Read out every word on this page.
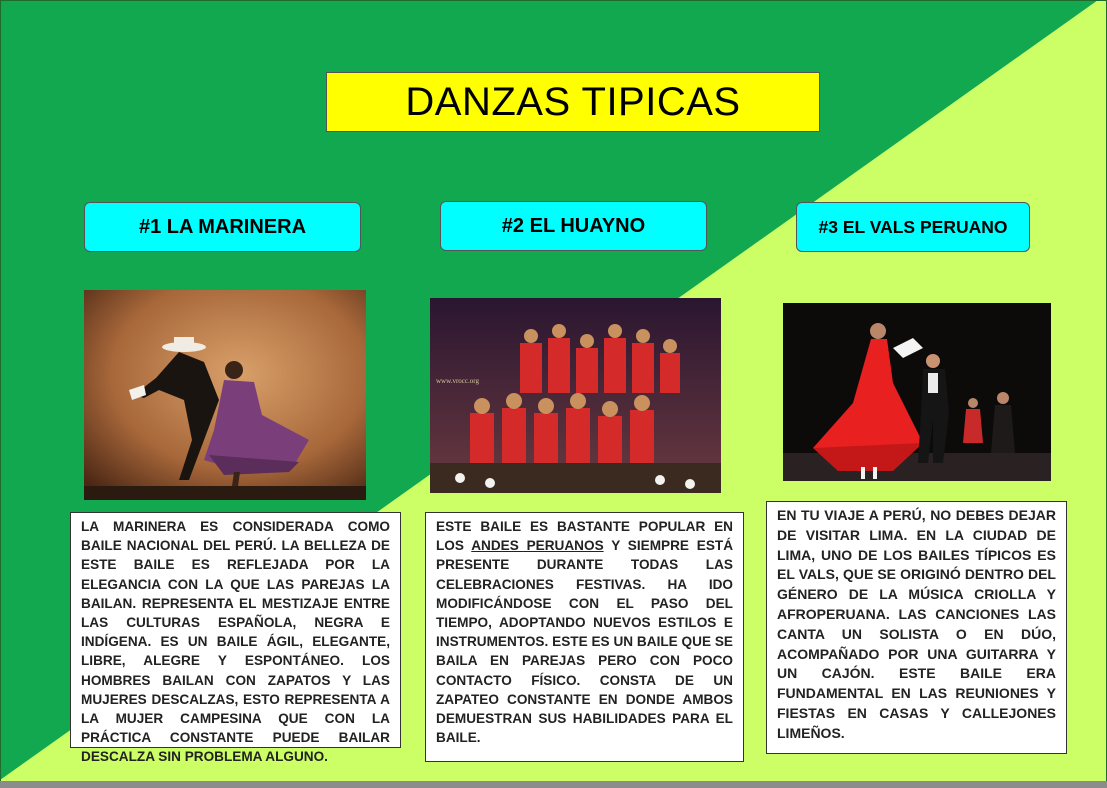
DANZAS TIPICAS
#1 LA MARINERA	#2 EL HUAYNO	#3 EL VALS PERUANO
www.vrocc.org
LA MARINERA ES CONSIDERADA COMO BAILE NACIONAL DEL PERÚ. LA BELLEZA DE ESTE BAILE ES REFLEJADA POR LA ELEGANCIA CON LA QUE LAS PAREJAS LA BAILAN. REPRESENTA EL MESTIZAJE ENTRE LAS CULTURAS ESPAÑOLA, NEGRA E INDÍGENA. ES UN BAILE ÁGIL, ELEGANTE, LIBRE, ALEGRE Y ESPONTÁNEO. LOS HOMBRES BAILAN CON ZAPATOS Y LAS MUJERES DESCALZAS, ESTO REPRESENTA A LA MUJER CAMPESINA QUE CON LA PRÁCTICA CONSTANTE PUEDE BAILAR DESCALZA SIN PROBLEMA ALGUNO.
ESTE BAILE ES BASTANTE POPULAR EN LOS ANDES PERUANOS Y SIEMPRE ESTÁ PRESENTE DURANTE TODAS LAS CELEBRACIONES FESTIVAS. HA IDO MODIFICÁNDOSE CON EL PASO DEL TIEMPO, ADOPTANDO NUEVOS ESTILOS E INSTRUMENTOS. ESTE ES UN BAILE QUE SE BAILA EN PAREJAS PERO CON POCO CONTACTO FÍSICO. CONSTA DE UN ZAPATEO CONSTANTE EN DONDE AMBOS DEMUESTRAN SUS HABILIDADES PARA EL BAILE.
EN TU VIAJE A PERÚ, NO DEBES DEJAR DE VISITAR LIMA. EN LA CIUDAD DE LIMA, UNO DE LOS BAILES TÍPICOS ES EL VALS, QUE SE ORIGINÓ DENTRO DEL GÉNERO DE LA MÚSICA CRIOLLA Y AFROPERUANA. LAS CANCIONES LAS CANTA UN SOLISTA O EN DÚO, ACOMPAÑADO POR UNA GUITARRA Y UN CAJÓN. ESTE BAILE ERA FUNDAMENTAL EN LAS REUNIONES Y FIESTAS EN CASAS Y CALLEJONES LIMEÑOS.
